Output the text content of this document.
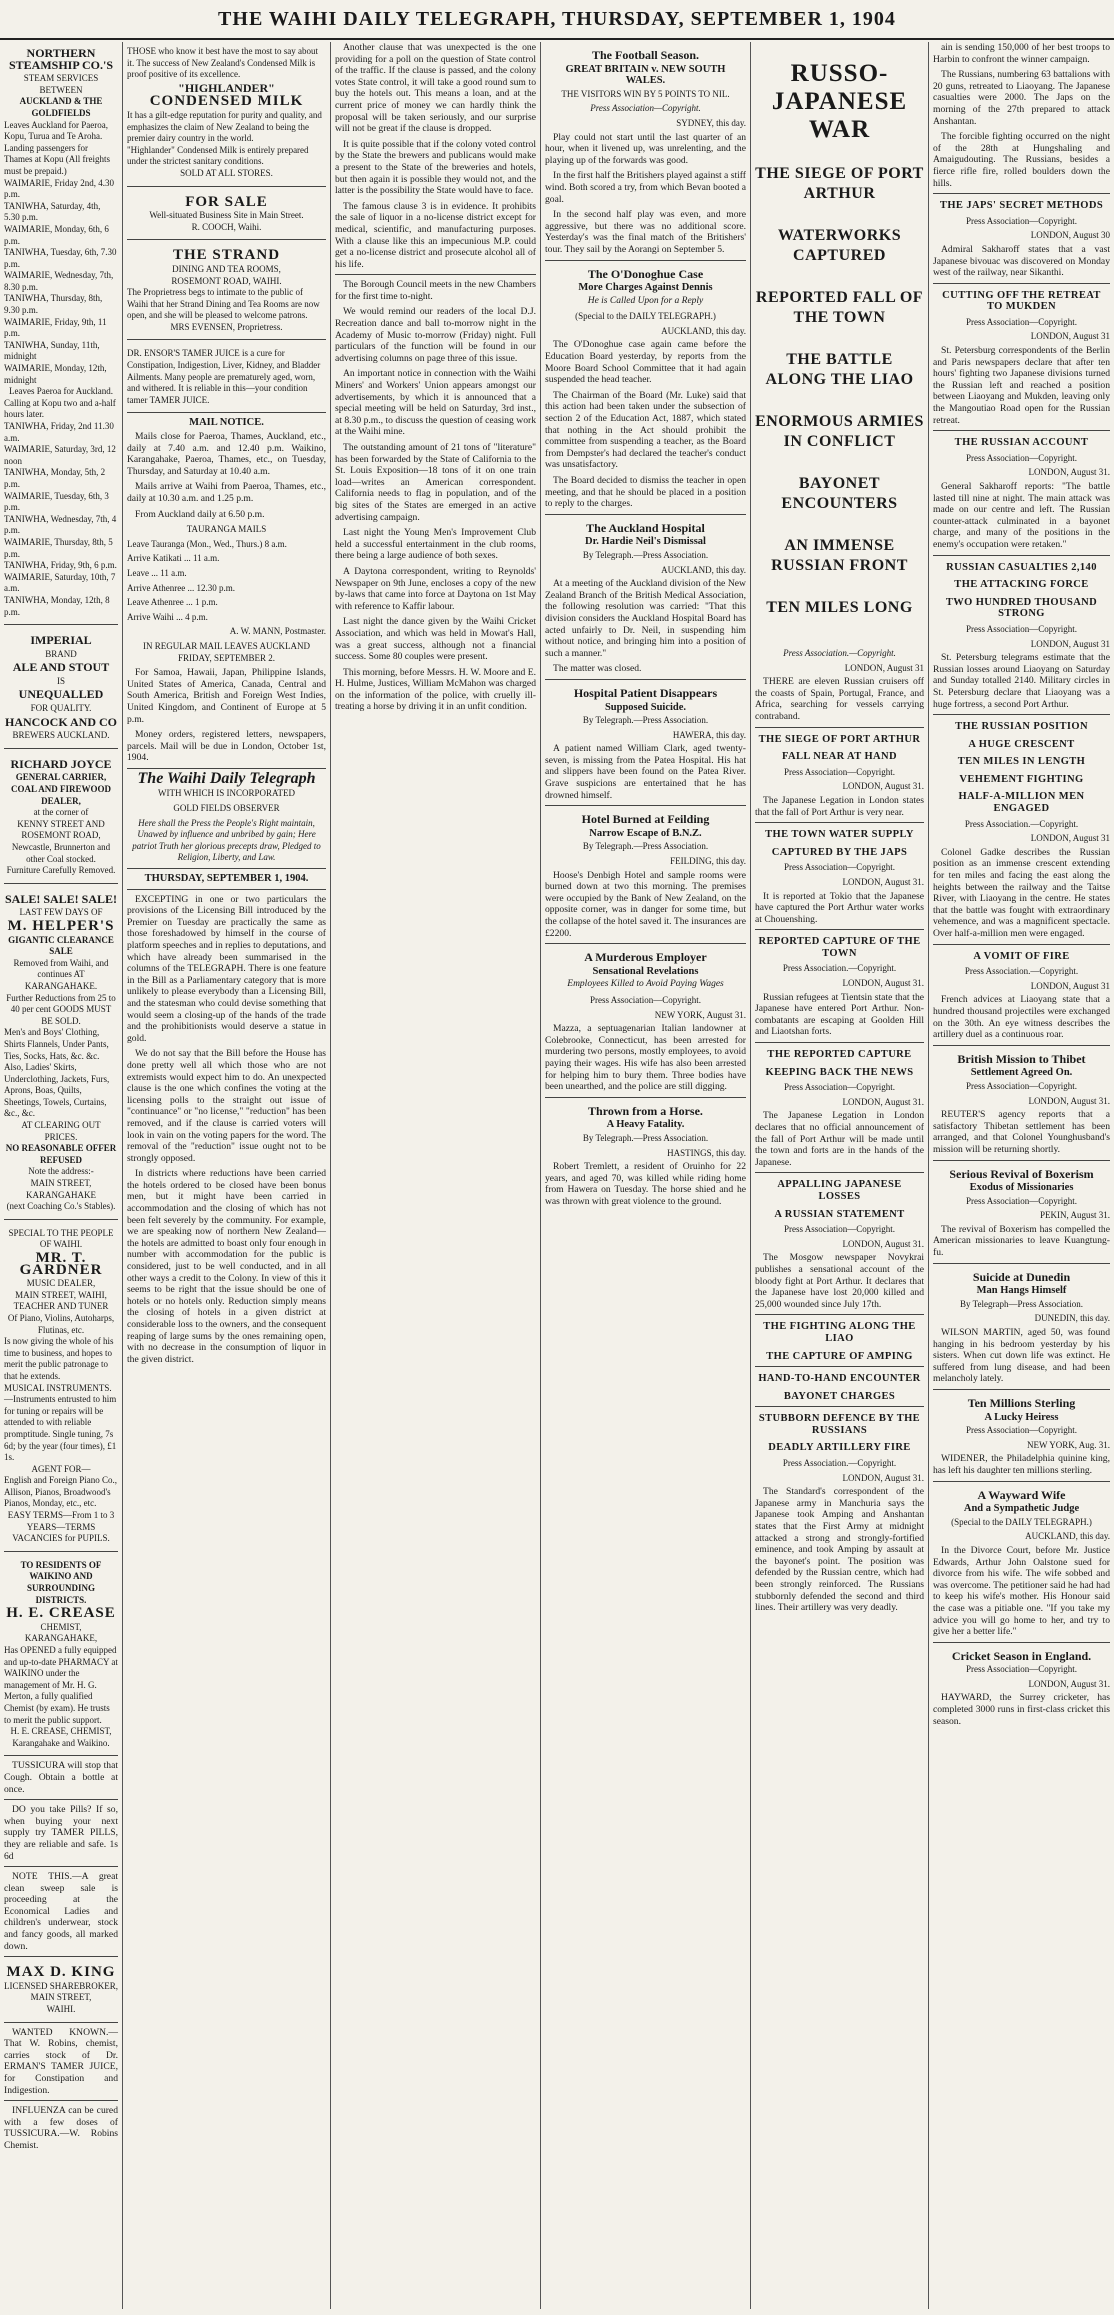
THE WAIHI DAILY TELEGRAPH, THURSDAY, SEPTEMBER 1, 1904
NORTHERN STEAMSHIP CO.'S
STEAM SERVICES
BETWEEN
AUCKLAND & THE GOLDFIELDS
Leaves Auckland for Paeroa, Kopu, Turua and Te Aroha.
Landing passengers for Thames at Kopu (All freights must be prepaid.)
WAIMARIE, Friday 2nd, 4.30 p.m.
TANIWHA, Saturday, 4th, 5.30 p.m.
WAIMARIE, Monday, 6th, 6 p.m.
TANIWHA, Tuesday, 6th, 7.30 p.m.
WAIMARIE, Wednesday, 7th, 8.30 p.m.
TANIWHA, Thursday, 8th, 9.30 p.m.
WAIMARIE, Friday, 9th, 11 p.m.
TANIWHA, Sunday, 11th, midnight
WAIMARIE, Monday, 12th, midnight
Leaves Paeroa for Auckland.
Calling at Kopu two and a-half hours later.
TANIWHA, Friday, 2nd 11.30 a.m.
WAIMARIE, Saturday, 3rd, 12 noon
TANIWHA, Monday, 5th, 2 p.m.
WAIMARIE, Tuesday, 6th, 3 p.m.
TANIWHA, Wednesday, 7th, 4 p.m.
WAIMARIE, Thursday, 8th, 5 p.m.
TANIWHA, Friday, 9th, 6 p.m.
WAIMARIE, Saturday, 10th, 7 a.m.
TANIWHA, Monday, 12th, 8 p.m.
IMPERIAL
BRAND
ALE AND STOUT
IS
UNEQUALLED
FOR QUALITY.
HANCOCK AND CO
BREWERS AUCKLAND.
RICHARD JOYCE
GENERAL CARRIER,
COAL AND FIREWOOD DEALER,
at the corner of
KENNY STREET AND ROSEMONT ROAD,
Newcastle, Brunnerton and other Coal stocked.
Furniture Carefully Removed.
SALE! SALE! SALE!
LAST FEW DAYS OF
M. HELPER'S
GIGANTIC CLEARANCE SALE
Removed from Waihi, and continues AT KARANGAHAKE.
Further Reductions from 25 to 40 per cent GOODS MUST BE SOLD.
Men's and Boys' Clothing, Shirts Flannels, Under Pants, Ties, Socks, Hats, &c. &c.
Also, Ladies' Skirts, Underclothing, Jackets, Furs, Aprons, Boas, Quilts, Sheetings, Towels, Curtains, &c., &c.
AT CLEARING OUT PRICES.
NO REASONABLE OFFER REFUSED
Note the address:-
MAIN STREET, KARANGAHAKE
(next Coaching Co.'s Stables).
SPECIAL TO THE PEOPLE OF WAIHI.
MR. T. GARDNER
MUSIC DEALER,
MAIN STREET, WAIHI,
TEACHER AND TUNER
Of Piano, Violins, Autoharps, Flutinas, etc.
Is now giving the whole of his time to business, and hopes to merit the public patronage to that he extends.
MUSICAL INSTRUMENTS.—Instruments entrusted to him for tuning or repairs will be attended to with reliable promptitude. Single tuning, 7s 6d; by the year (four times), £1 1s.
AGENT FOR—
English and Foreign Piano Co., Allison, Pianos, Broadwood's Pianos, Monday, etc., etc.
EASY TERMS—From 1 to 3 YEARS—TERMS
VACANCIES for PUPILS.
TO RESIDENTS OF WAIKINO AND SURROUNDING DISTRICTS.
H. E. CREASE
CHEMIST, KARANGAHAKE,
Has OPENED a fully equipped and up-to-date PHARMACY at WAIKINO under the management of Mr. H. G. Merton, a fully qualified Chemist (by exam). He trusts to merit the public support.
H. E. CREASE, CHEMIST, Karangahake and Waikino.

TUSSICURA will stop that Cough. Obtain a bottle at once.

DO you take Pills? If so, when buying your next supply try TAMER PILLS, they are reliable and safe. 1s 6d

NOTE THIS.—A great clean sweep sale is proceeding at the Economical Ladies and children's underwear, stock and fancy goods, all marked down.

MAX D. KING
LICENSED SHAREBROKER,
MAIN STREET,
WAIHI.

WANTED KNOWN.—That W. Robins, chemist, carries stock of Dr. ERMAN'S TAMER JUICE, for Constipation and Indigestion.

INFLUENZA can be cured with a few doses of TUSSICURA.—W. Robins Chemist.

THOSE who know it best have the most to say about it. The success of New Zealand's Condensed Milk is proof positive of its excellence.
"HIGHLANDER"
CONDENSED MILK
It has a gilt-edge reputation for purity and quality, and emphasizes the claim of New Zealand to being the premier dairy country in the world.
"Highlander" Condensed Milk is entirely prepared under the strictest sanitary conditions.
SOLD AT ALL STORES.
FOR SALE
Well-situated Business Site in Main Street.
R. COOCH, Waihi.
THE STRAND
DINING AND TEA ROOMS,
ROSEMONT ROAD, WAIHI.
The Proprietress begs to intimate to the public of Waihi that her Strand Dining and Tea Rooms are now open, and she will be pleased to welcome patrons.
MRS EVENSEN, Proprietress.
DR. ENSOR'S TAMER JUICE is a cure for Constipation, Indigestion, Liver, Kidney, and Bladder Ailments. Many people are prematurely aged, worn, and withered. It is reliable in this—your condition tamer TAMER JUICE.
MAIL NOTICE.

Mails close for Paeroa, Thames, Auckland, etc., daily at 7.40 a.m. and 12.40 p.m. Waikino, Karangahake, Paeroa, Thames, etc., on Tuesday, Thursday, and Saturday at 10.40 a.m.

Mails arrive at Waihi from Paeroa, Thames, etc., daily at 10.30 a.m. and 1.25 p.m.

From Auckland daily at 6.50 p.m.

TAURANGA MAILS
Leave Tauranga (Mon., Wed., Thurs.) 8 a.m.
Arrive Katikati ... 11 a.m.
Leave ... 11 a.m.
Arrive Athenree ... 12.30 p.m.
Leave Athenree ... 1 p.m.
Arrive Waihi ... 4 p.m.
A. W. MANN, Postmaster.
IN REGULAR MAIL LEAVES AUCKLAND FRIDAY, SEPTEMBER 2.

For Samoa, Hawaii, Japan, Philippine Islands, United States of America, Canada, Central and South America, British and Foreign West Indies, United Kingdom, and Continent of Europe at 5 p.m.

Money orders, registered letters, newspapers, parcels. Mail will be due in London, October 1st, 1904.

The Waihi Daily Telegraph
WITH WHICH IS INCORPORATED
GOLD FIELDS OBSERVER
Here shall the Press the People's Right maintain, Unawed by influence and unbribed by gain; Here patriot Truth her glorious precepts draw, Pledged to Religion, Liberty, and Law.
THURSDAY, SEPTEMBER 1, 1904.

EXCEPTING in one or two particulars the provisions of the Licensing Bill introduced by the Premier on Tuesday are practically the same as those foreshadowed by himself in the course of platform speeches and in replies to deputations, and which have already been summarised in the columns of the TELEGRAPH. There is one feature in the Bill as a Parliamentary category that is more unlikely to please everybody than a Licensing Bill, and the statesman who could devise something that would seem a closing-up of the hands of the trade and the prohibitionists would deserve a statue in gold.

We do not say that the Bill before the House has done pretty well all which those who are not extremists would expect him to do. An unexpected clause is the one which confines the voting at the licensing polls to the straight out issue of "continuance" or "no license," "reduction" has been removed, and if the clause is carried voters will look in vain on the voting papers for the word. The removal of the "reduction" issue ought not to be strongly opposed.

In districts where reductions have been carried the hotels ordered to be closed have been bonus men, but it might have been carried in accommodation and the closing of which has not been felt severely by the community. For example, we are speaking now of northern New Zealand—the hotels are admitted to boast only four enough in number with accommodation for the public is considered, just to be well conducted, and in all other ways a credit to the Colony. In view of this it seems to be right that the issue should be one of hotels or no hotels only. Reduction simply means the closing of hotels in a given district at considerable loss to the owners, and the consequent reaping of large sums by the ones remaining open, with no decrease in the consumption of liquor in the given district.

Another clause that was unexpected is the one providing for a poll on the question of State control of the traffic. If the clause is passed, and the colony votes State control, it will take a good round sum to buy the hotels out. This means a loan, and at the current price of money we can hardly think the proposal will be taken seriously, and our surprise will not be great if the clause is dropped.

It is quite possible that if the colony voted control by the State the brewers and publicans would make a present to the State of the breweries and hotels, but then again it is possible they would not, and the latter is the possibility the State would have to face.

The famous clause 3 is in evidence. It prohibits the sale of liquor in a no-license district except for medical, scientific, and manufacturing purposes. With a clause like this an impecunious M.P. could get a no-license district and prosecute alcohol all of his life.

The Borough Council meets in the new Chambers for the first time to-night.

We would remind our readers of the local D.J. Recreation dance and ball to-morrow night in the Academy of Music to-morrow (Friday) night. Full particulars of the function will be found in our advertising columns on page three of this issue.

An important notice in connection with the Waihi Miners' and Workers' Union appears amongst our advertisements, by which it is announced that a special meeting will be held on Saturday, 3rd inst., at 8.30 p.m., to discuss the question of ceasing work at the Waihi mine.

The outstanding amount of 21 tons of "literature" has been forwarded by the State of California to the St. Louis Exposition—18 tons of it on one train load—writes an American correspondent. California needs to flag in population, and of the big sites of the States are emerged in an active advertising campaign.

Last night the Young Men's Improvement Club held a successful entertainment in the club rooms, there being a large audience of both sexes.

A Daytona correspondent, writing to Reynolds' Newspaper on 9th June, encloses a copy of the new by-laws that came into force at Daytona on 1st May with reference to Kaffir labour.

Last night the dance given by the Waihi Cricket Association, and which was held in Mowat's Hall, was a great success, although not a financial success. Some 80 couples were present.

This morning, before Messrs. H. W. Moore and E. H. Hulme, Justices, William McMahon was charged on the information of the police, with cruelly ill-treating a horse by driving it in an unfit condition.

The Football Season.
GREAT BRITAIN v. NEW SOUTH WALES.
THE VISITORS WIN BY 5 POINTS TO NIL.
Press Association—Copyright.
SYDNEY, this day.

Play could not start until the last quarter of an hour, when it livened up, was unrelenting, and the playing up of the forwards was good.

In the first half the Britishers played against a stiff wind. Both scored a try, from which Bevan booted a goal.

In the second half play was even, and more aggressive, but there was no additional score. Yesterday's was the final match of the Britishers' tour. They sail by the Aorangi on September 5.

The O'Donoghue Case
More Charges Against Dennis
He is Called Upon for a Reply
(Special to the DAILY TELEGRAPH.)
AUCKLAND, this day.

The O'Donoghue case again came before the Education Board yesterday, by reports from the Moore Board School Committee that it had again suspended the head teacher.

The Chairman of the Board (Mr. Luke) said that this action had been taken under the subsection of section 2 of the Education Act, 1887, which stated that nothing in the Act should prohibit the committee from suspending a teacher, as the Board from Dempster's had declared the teacher's conduct was unsatisfactory.

The Board decided to dismiss the teacher in open meeting, and that he should be placed in a position to reply to the charges.

The Auckland Hospital
Dr. Hardie Neil's Dismissal
By Telegraph.—Press Association.
AUCKLAND, this day.

At a meeting of the Auckland division of the New Zealand Branch of the British Medical Association, the following resolution was carried: "That this division considers the Auckland Hospital Board has acted unfairly to Dr. Neil, in suspending him without notice, and bringing him into a position of such a manner."

The matter was closed.

Hospital Patient Disappears
Supposed Suicide.
By Telegraph.—Press Association.
HAWERA, this day.

A patient named William Clark, aged twenty-seven, is missing from the Patea Hospital. His hat and slippers have been found on the Patea River. Grave suspicions are entertained that he has drowned himself.

Hotel Burned at Feilding
Narrow Escape of B.N.Z.
By Telegraph.—Press Association.
FEILDING, this day.

Hoose's Denbigh Hotel and sample rooms were burned down at two this morning. The premises were occupied by the Bank of New Zealand, on the opposite corner, was in danger for some time, but the collapse of the hotel saved it. The insurances are £2200.

A Murderous Employer
Sensational Revelations
Employees Killed to Avoid Paying Wages
Press Association—Copyright.
NEW YORK, August 31.

Mazza, a septuagenarian Italian landowner at Colebrooke, Connecticut, has been arrested for murdering two persons, mostly employees, to avoid paying their wages. His wife has also been arrested for helping him to bury them. Three bodies have been unearthed, and the police are still digging.

Thrown from a Horse.
A Heavy Fatality.
By Telegraph.—Press Association.
HASTINGS, this day.

Robert Tremlett, a resident of Oruinho for 22 years, and aged 70, was killed while riding home from Hawera on Tuesday. The horse shied and he was thrown with great violence to the ground.

RUSSO-JAPANESE WAR
THE SIEGE OF PORT ARTHUR
WATERWORKS CAPTURED
REPORTED FALL OF THE TOWN
THE BATTLE ALONG THE LIAO
ENORMOUS ARMIES IN CONFLICT
BAYONET ENCOUNTERS
AN IMMENSE RUSSIAN FRONT
TEN MILES LONG
Press Association.—Copyright.
LONDON, August 31

THERE are eleven Russian cruisers off the coasts of Spain, Portugal, France, and Africa, searching for vessels carrying contraband.

THE SIEGE OF PORT ARTHUR
FALL NEAR AT HAND
Press Association—Copyright.
LONDON, August 31.

The Japanese Legation in London states that the fall of Port Arthur is very near.

THE TOWN WATER SUPPLY
CAPTURED BY THE JAPS
Press Association—Copyright.
LONDON, August 31.

It is reported at Tokio that the Japanese have captured the Port Arthur water works at Chouenshing.

REPORTED CAPTURE OF THE TOWN
Press Association.—Copyright.
LONDON, August 31.

Russian refugees at Tientsin state that the Japanese have entered Port Arthur. Non-combatants are escaping at Goolden Hill and Liaotshan forts.

THE REPORTED CAPTURE
KEEPING BACK THE NEWS
Press Association—Copyright.
LONDON, August 31.

The Japanese Legation in London declares that no official announcement of the fall of Port Arthur will be made until the town and forts are in the hands of the Japanese.

APPALLING JAPANESE LOSSES
A RUSSIAN STATEMENT
Press Association—Copyright.
LONDON, August 31.

The Mosgow newspaper Novykrai publishes a sensational account of the bloody fight at Port Arthur. It declares that the Japanese have lost 20,000 killed and 25,000 wounded since July 17th.

THE FIGHTING ALONG THE LIAO
THE CAPTURE OF AMPING
HAND-TO-HAND ENCOUNTER
BAYONET CHARGES
STUBBORN DEFENCE BY THE RUSSIANS
DEADLY ARTILLERY FIRE
Press Association.—Copyright.
LONDON, August 31.

The Standard's correspondent of the Japanese army in Manchuria says the Japanese took Amping and Anshantan states that the First Army at midnight attacked a strong and strongly-fortified eminence, and took Amping by assault at the bayonet's point. The position was defended by the Russian centre, which had been strongly reinforced. The Russians stubbornly defended the second and third lines. Their artillery was very deadly.

ain is sending 150,000 of her best troops to Harbin to confront the winner campaign.

The Russians, numbering 63 battalions with 20 guns, retreated to Liaoyang. The Japanese casualties were 2000. The Japs on the morning of the 27th prepared to attack Anshantan.

The forcible fighting occurred on the night of the 28th at Hungshaling and Amaigudouting. The Russians, besides a fierce rifle fire, rolled boulders down the hills.

THE JAPS' SECRET METHODS
Press Association—Copyright.
LONDON, August 30

Admiral Sakharoff states that a vast Japanese bivouac was discovered on Monday west of the railway, near Sikanthi.

CUTTING OFF THE RETREAT TO MUKDEN
Press Association—Copyright.
LONDON, August 31

St. Petersburg correspondents of the Berlin and Paris newspapers declare that after ten hours' fighting two Japanese divisions turned the Russian left and reached a position between Liaoyang and Mukden, leaving only the Mangoutiao Road open for the Russian retreat.

THE RUSSIAN ACCOUNT
Press Association—Copyright.
LONDON, August 31.

General Sakharoff reports: "The battle lasted till nine at night. The main attack was made on our centre and left. The Russian counter-attack culminated in a bayonet charge, and many of the positions in the enemy's occupation were retaken."

RUSSIAN CASUALTIES 2,140
THE ATTACKING FORCE
TWO HUNDRED THOUSAND STRONG
Press Association—Copyright.
LONDON, August 31

St. Petersburg telegrams estimate that the Russian losses around Liaoyang on Saturday and Sunday totalled 2140. Military circles in St. Petersburg declare that Liaoyang was a huge fortress, a second Port Arthur.

THE RUSSIAN POSITION
A HUGE CRESCENT
TEN MILES IN LENGTH
VEHEMENT FIGHTING
HALF-A-MILLION MEN ENGAGED
Press Association.—Copyright.
LONDON, August 31

Colonel Gadke describes the Russian position as an immense crescent extending for ten miles and facing the east along the heights between the railway and the Taitse River, with Liaoyang in the centre. He states that the battle was fought with extraordinary vehemence, and was a magnificent spectacle. Over half-a-million men were engaged.

A VOMIT OF FIRE
Press Association.—Copyright.
LONDON, August 31

French advices at Liaoyang state that a hundred thousand projectiles were exchanged on the 30th. An eye witness describes the artillery duel as a continuous roar.

British Mission to Thibet
Settlement Agreed On.
Press Association—Copyright.
LONDON, August 31.

REUTER'S agency reports that a satisfactory Thibetan settlement has been arranged, and that Colonel Younghusband's mission will be returning shortly.

Serious Revival of Boxerism
Exodus of Missionaries
Press Association—Copyright.
PEKIN, August 31.

The revival of Boxerism has compelled the American missionaries to leave Kuangtung-fu.

Suicide at Dunedin
Man Hangs Himself
By Telegraph—Press Association.
DUNEDIN, this day.

WILSON MARTIN, aged 50, was found hanging in his bedroom yesterday by his sisters. When cut down life was extinct. He suffered from lung disease, and had been melancholy lately.

Ten Millions Sterling
A Lucky Heiress
Press Association—Copyright.
NEW YORK, Aug. 31.

WIDENER, the Philadelphia quinine king, has left his daughter ten millions sterling.

A Wayward Wife
And a Sympathetic Judge
(Special to the DAILY TELEGRAPH.)
AUCKLAND, this day.

In the Divorce Court, before Mr. Justice Edwards, Arthur John Oalstone sued for divorce from his wife. The wife sobbed and was overcome. The petitioner said he had had to keep his wife's mother. His Honour said the case was a pitiable one. "If you take my advice you will go home to her, and try to give her a better life."

Cricket Season in England.
Press Association—Copyright.
LONDON, August 31.

HAYWARD, the Surrey cricketer, has completed 3000 runs in first-class cricket this season.
